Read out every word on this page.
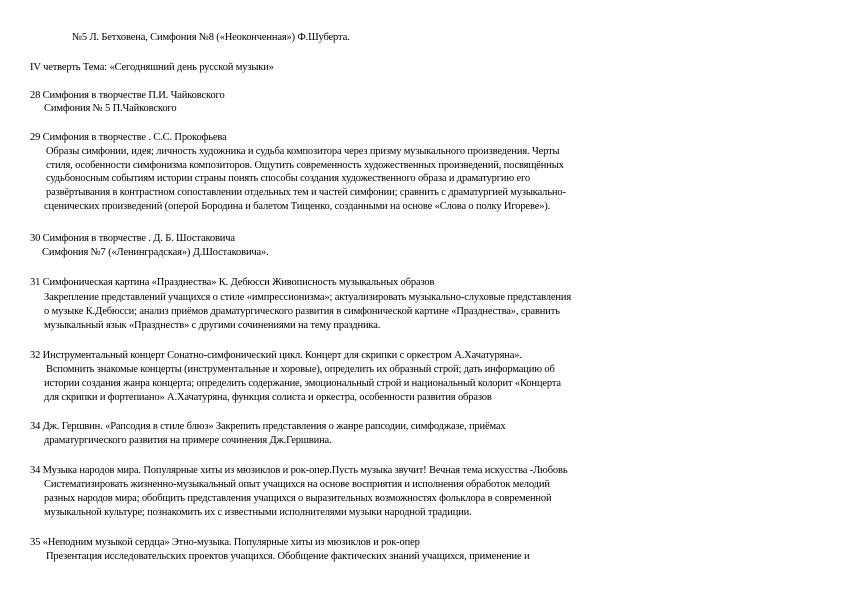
№5 Л. Бетховена, Симфония №8 («Неоконченная») Ф.Шуберта.
IV четверть Тема: «Сегодняшний день русской музыки»
28 Симфония в творчестве П.И. Чайковского
Симфония № 5 П.Чайковского
29 Симфония в творчестве . С.С. Прокофьева
Образы симфонии, идея; личность художника и судьба композитора через призму музыкального произведения. Черты
стиля, особенности симфонизма композиторов. Ощутить современность художественных произведений, посвящённых
судьбоносным событиям истории страны понять способы создания художественного образа и драматургию его
развёртывания в контрастном сопоставлении отдельных тем и частей симфонии; сравнить с драматургией музыкально-
сценических произведений (оперой Бородина и балетом Тищенко, созданными на основе «Слова о полку Игореве»).
30 Симфония в творчестве . Д. Б. Шостаковича
Симфония №7 («Ленинградская») Д.Шостаковича».
31 Симфоническая картина «Празднества» К. Дебюсси Живописность музыкальных образов
Закрепление представлений учащихся о стиле «импрессионизма»; актуализировать музыкально-слуховые представления
о музыке К.Дебюсси; анализ приёмов драматургического развития в симфонической картине «Празднества», сравнить
музыкальный язык «Празднеств» с другими сочинениями на тему праздника.
32 Инструментальный концерт Сонатно-симфонический цикл. Концерт для скрипки с оркестром А.Хачатуряна».
Вспомнить знакомые концерты (инструментальные и хоровые), определить их образный строй; дать информацию об
истории создания жанра концерта; определить содержание, эмоциональный строй и национальный колорит «Концерта
для скрипки и фортепиано» А.Хачатуряна, функция солиста и оркестра, особенности развития образов
34 Дж. Гершвин. «Рапсодия в стиле блюз» Закрепить представления о жанре рапсодии, симфоджазе, приёмах
драматургического развития на примере сочинения Дж.Гершвина.
34 Музыка народов мира. Популярные хиты из мюзиклов и рок-опер.Пусть музыка звучит! Вечная тема искусства -Любовь
Систематизировать жизненно-музыкальный опыт учащихся на основе восприятия и исполнения обработок мелодий
разных народов мира; обобщить представления учащихся о выразительных возможностях фольклора в современной
музыкальной культуре; познакомить их с известными исполнителями музыки народной традиции.
35 «Неподним музыкой сердца» Этно-музыка. Популярные хиты из мюзиклов и рок-опер
Презентация исследовательских проектов учащихся. Обобщение фактических знаний учащихся, применение и
